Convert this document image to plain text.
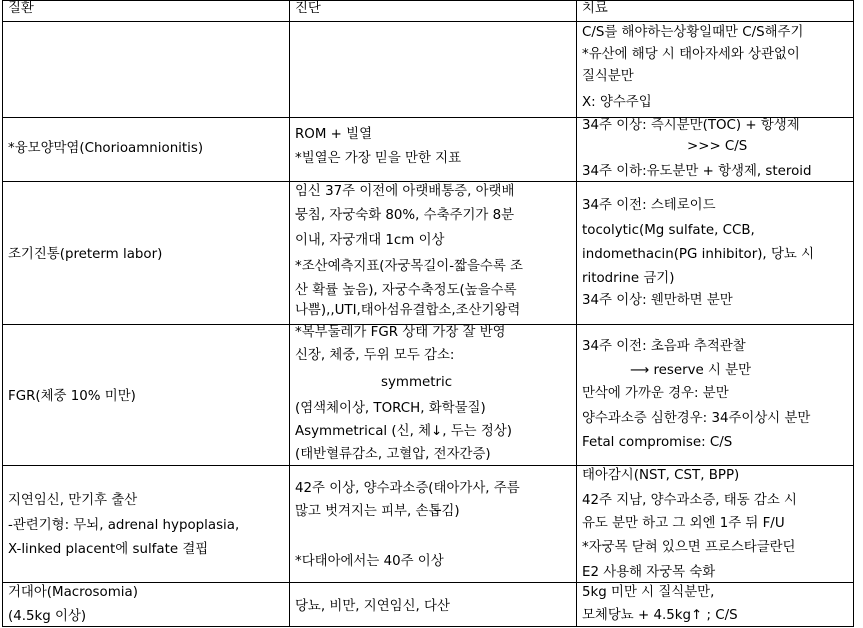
질환	진단	치료
C/S를 해야하는상황일때만 C/S해주기
*유산에 해당 시 태아자세와 상관없이
질식분만
X: 양수주입
*융모양막염(Chorioamnionitis)
ROM + 빌열
*빌열은 가장 믿을 만한 지표
34주 이상: 즉시분만(TOC) + 항생제
>>> C/S
34주 이하:유도분만 + 항생제, steroid
조기진통(preterm labor)
임신 37주 이전에 아랫배통증, 아랫배
뭉침, 자궁숙화 80%, 수축주기가 8분
이내, 자궁개대 1cm 이상
*조산예측지표(자궁목길이-짧을수록 조
산 확률 높음), 자궁수축정도(높을수록
나쁨),,UTI,태아섬유결합소,조산기왕력
34주 이전: 스테로이드
tocolytic(Mg sulfate, CCB,
indomethacin(PG inhibitor), 당뇨 시
ritodrine 금기)
34주 이상: 웬만하면 분만
FGR(체중 10% 미만)
*복부둘레가 FGR 상태 가장 잘 반영
신장, 체중, 두위 모두 감소:
symmetric
(염색체이상, TORCH, 화학물질)
Asymmetrical (신, 체↓, 두는 정상)
(태반혈류감소, 고혈압, 전자간증)
34주 이전: 초음파 추적관찰
⟶ reserve 시 분만
만삭에 가까운 경우: 분만
양수과소증 심한경우: 34주이상시 분만
Fetal compromise: C/S
지연임신, 만기후 출산
-관련기형: 무뇌, adrenal hypoplasia,
X-linked placent에 sulfate 결핍
42주 이상, 양수과소증(태아가사, 주름
많고 벗겨지는 피부, 손톱김)
*다태아에서는 40주 이상
태아감시(NST, CST, BPP)
42주 지남, 양수과소증, 태동 감소 시
유도 분만 하고 그 외엔 1주 뒤 F/U
*자궁목 닫혀 있으면 프로스타글란딘
E2 사용해 자궁목 숙화
거대아(Macrosomia)
(4.5kg 이상)
당뇨, 비만, 지연임신, 다산
5kg 미만 시 질식분만,
모체당뇨 + 4.5kg↑ ; C/S
